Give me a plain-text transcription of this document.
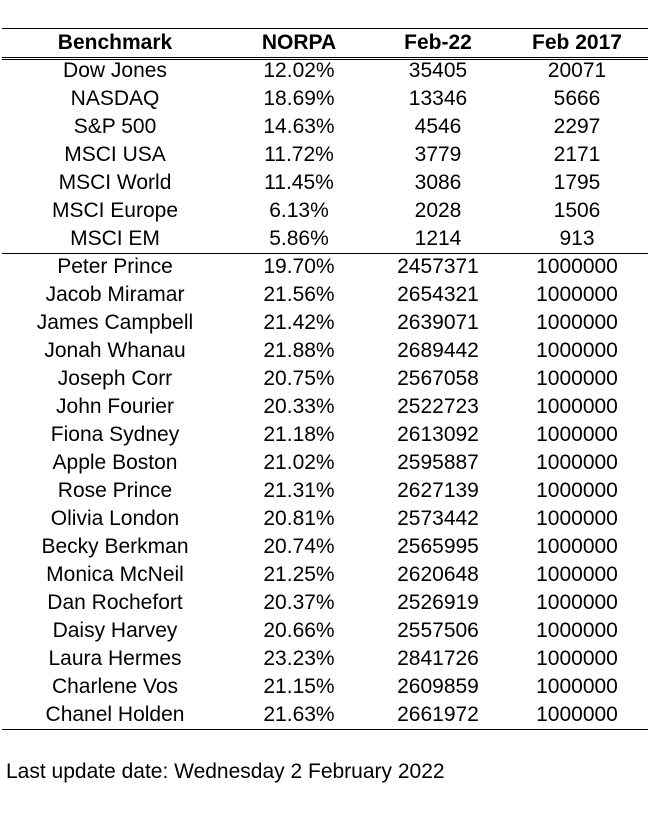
Benchmark	NORPA	Feb-22	Feb 2017
Dow Jones	12.02%	35405	20071
NASDAQ	18.69%	13346	5666
S&P 500	14.63%	4546	2297
MSCI USA	11.72%	3779	2171
MSCI World	11.45%	3086	1795
MSCI Europe	6.13%	2028	1506
MSCI EM	5.86%	1214	913
Peter Prince	19.70%	2457371	1000000
Jacob Miramar	21.56%	2654321	1000000
James Campbell	21.42%	2639071	1000000
Jonah Whanau	21.88%	2689442	1000000
Joseph Corr	20.75%	2567058	1000000
John Fourier	20.33%	2522723	1000000
Fiona Sydney	21.18%	2613092	1000000
Apple Boston	21.02%	2595887	1000000
Rose Prince	21.31%	2627139	1000000
Olivia London	20.81%	2573442	1000000
Becky Berkman	20.74%	2565995	1000000
Monica McNeil	21.25%	2620648	1000000
Dan Rochefort	20.37%	2526919	1000000
Daisy Harvey	20.66%	2557506	1000000
Laura Hermes	23.23%	2841726	1000000
Charlene Vos	21.15%	2609859	1000000
Chanel Holden	21.63%	2661972	1000000
Last update date: Wednesday 2 February 2022
